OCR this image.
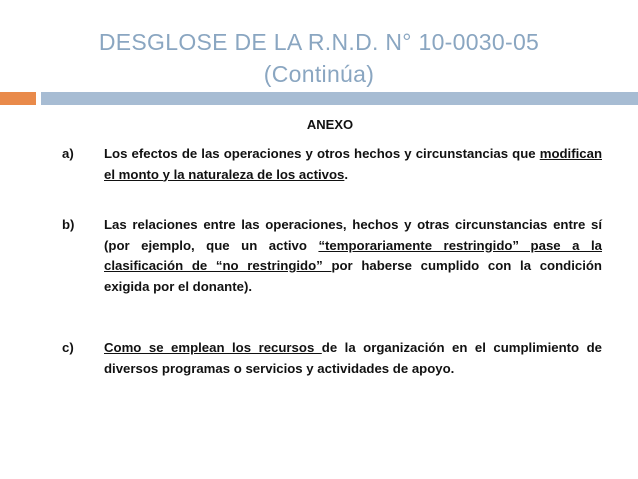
DESGLOSE DE LA R.N.D. N° 10-0030-05
(Continúa)
ANEXO
a) Los efectos de las operaciones y otros hechos y circunstancias que modifican el monto y la naturaleza de los activos.
b) Las relaciones entre las operaciones, hechos y otras circunstancias entre sí (por ejemplo, que un activo “temporariamente restringido” pase a la clasificación de “no restringido” por haberse cumplido con la condición exigida por el donante).
c) Como se emplean los recursos de la organización en el cumplimiento de diversos programas o servicios y actividades de apoyo.
